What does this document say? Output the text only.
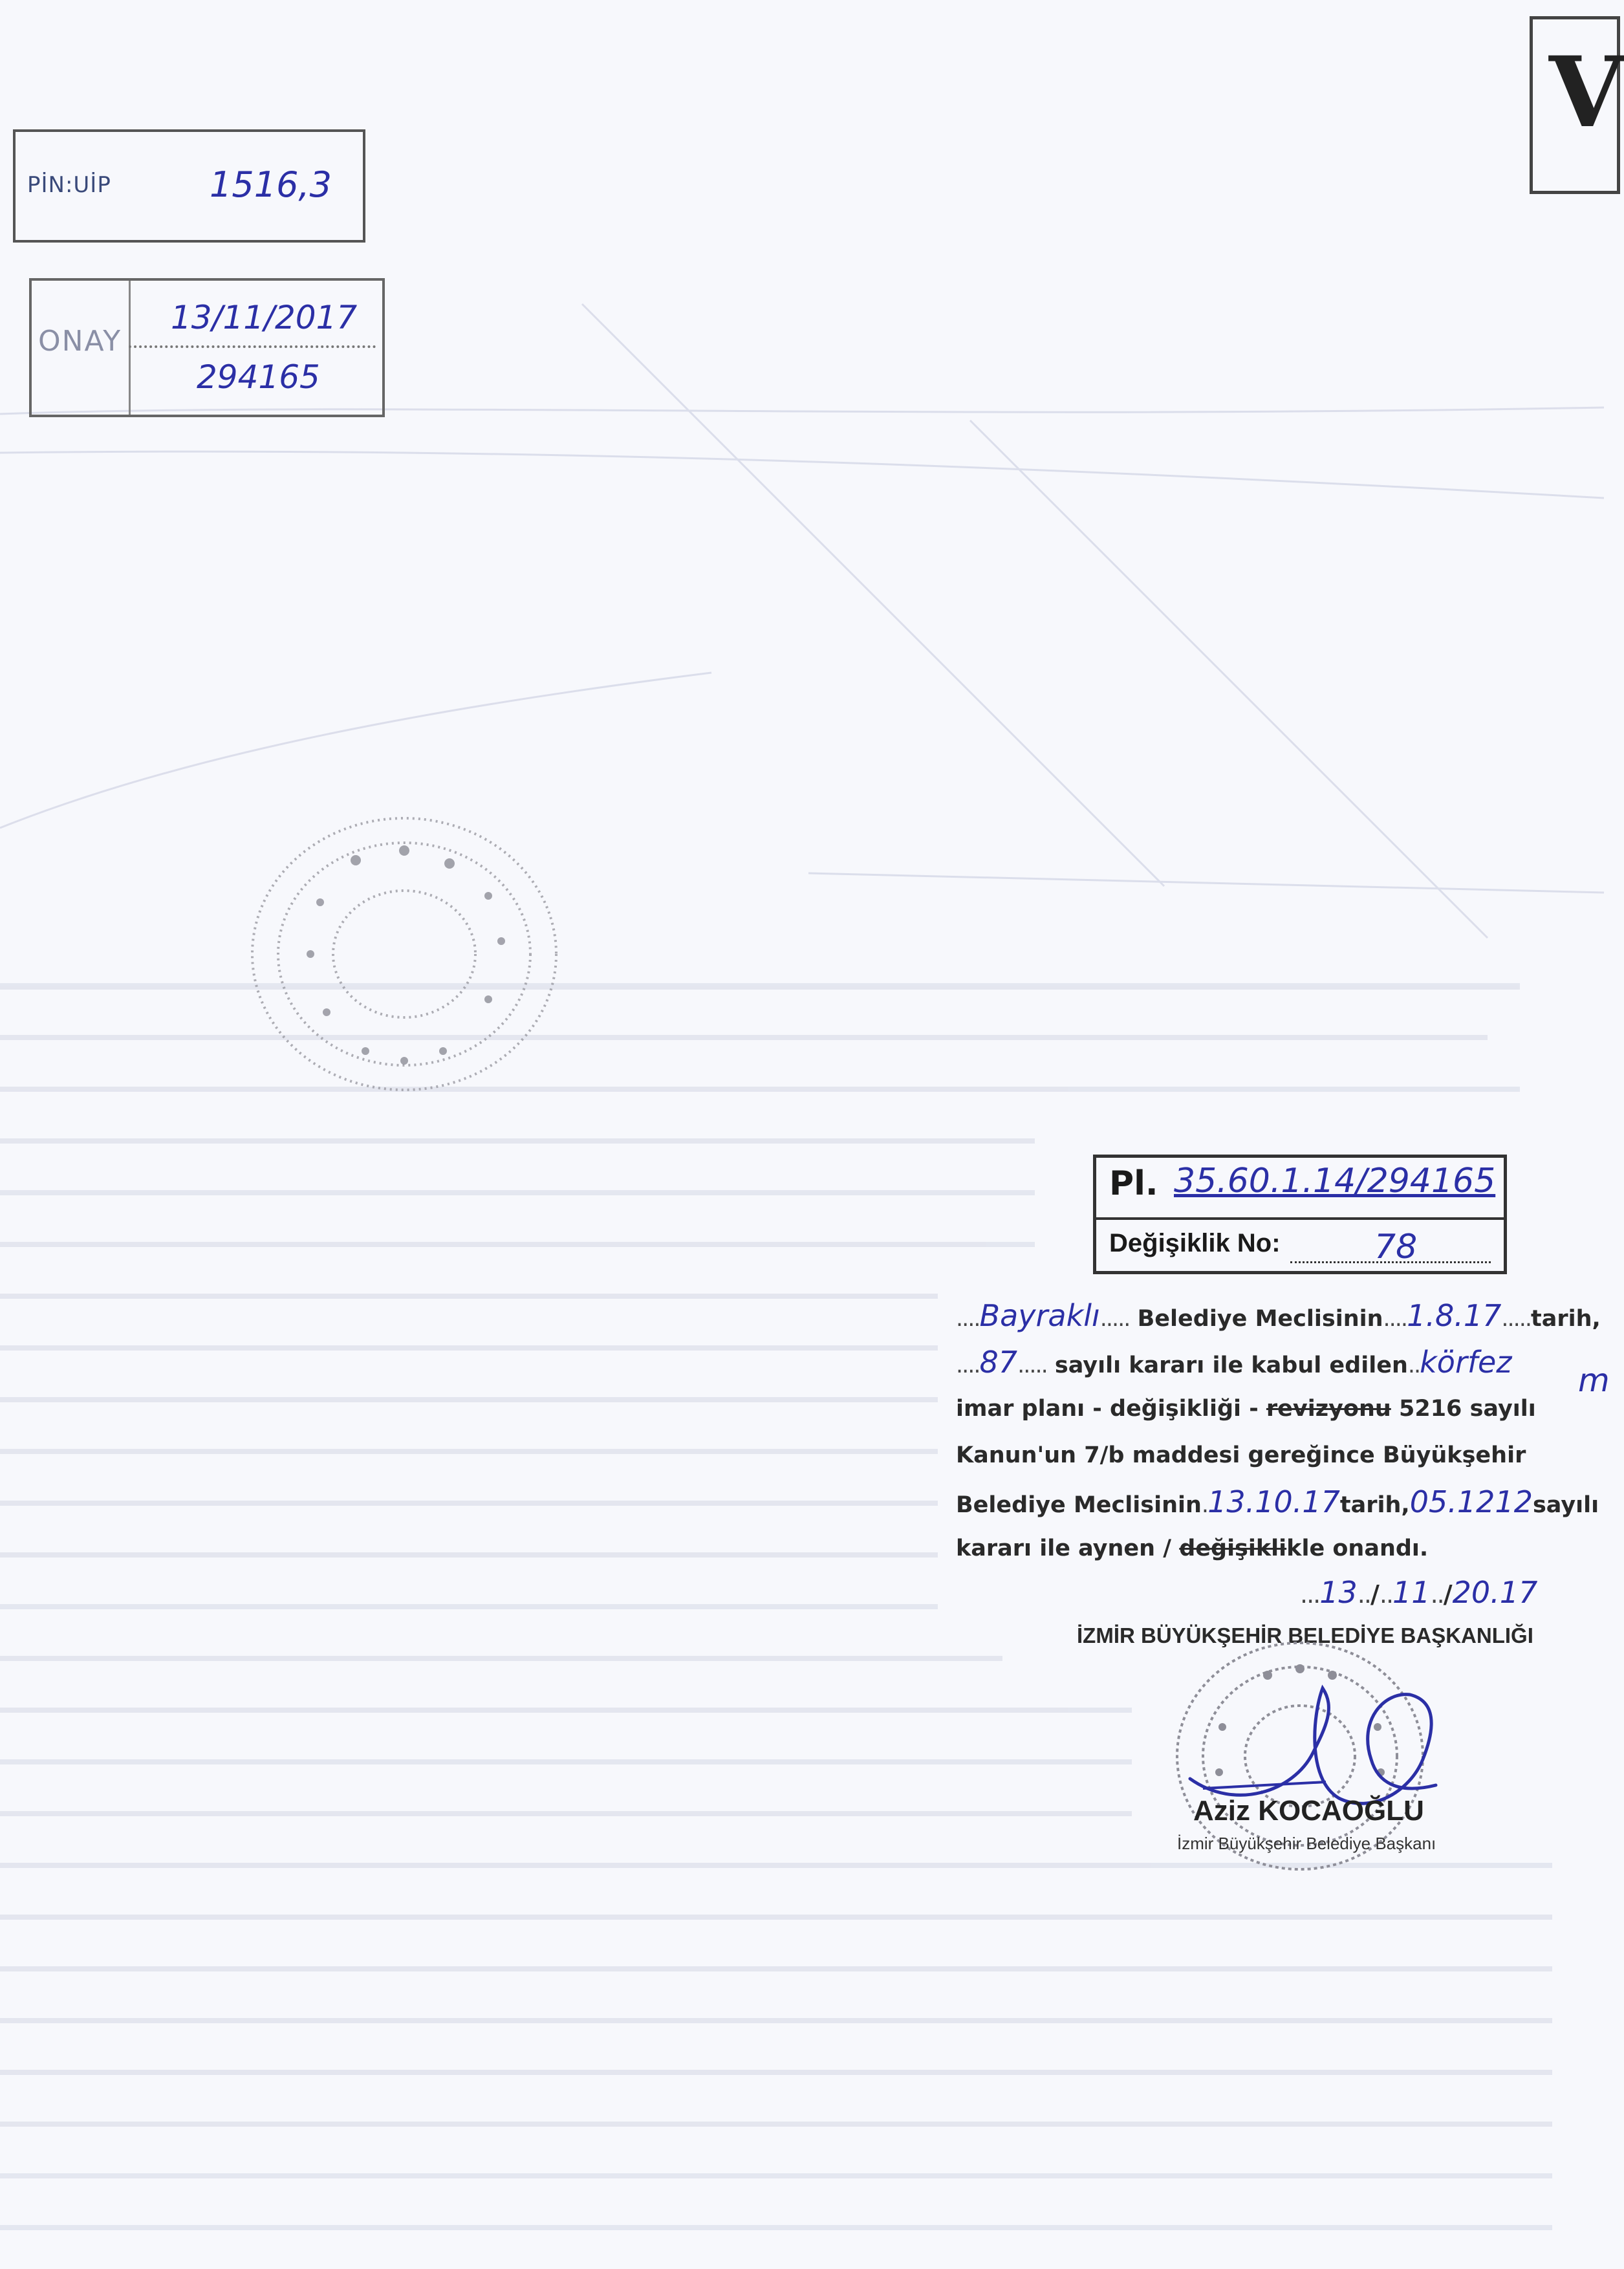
PİN:UİP	1516,3
ONAY
13/11/2017
294165
V
Pl. 35.60.1.14/294165
Değişiklik No:	78
....Bayraklı..... Belediye Meclisinin....1.8.17.....tarih,
....87..... sayılı kararı ile kabul edilen..körfez
imar planı - değişikliği - revizyonu 5216 sayılı
Kanun'un 7/b maddesi gereğince Büyükşehir
Belediye Meclisinin.13.10.17tarih,05.1212sayılı
kararı ile aynen / değişiklikle onandı.
...13../..11../20.17
İZMİR BÜYÜKŞEHİR BELEDİYE BAŞKANLIĞI
Aziz KOCAOĞLU
İzmir Büyükşehir Belediye Başkanı
m
